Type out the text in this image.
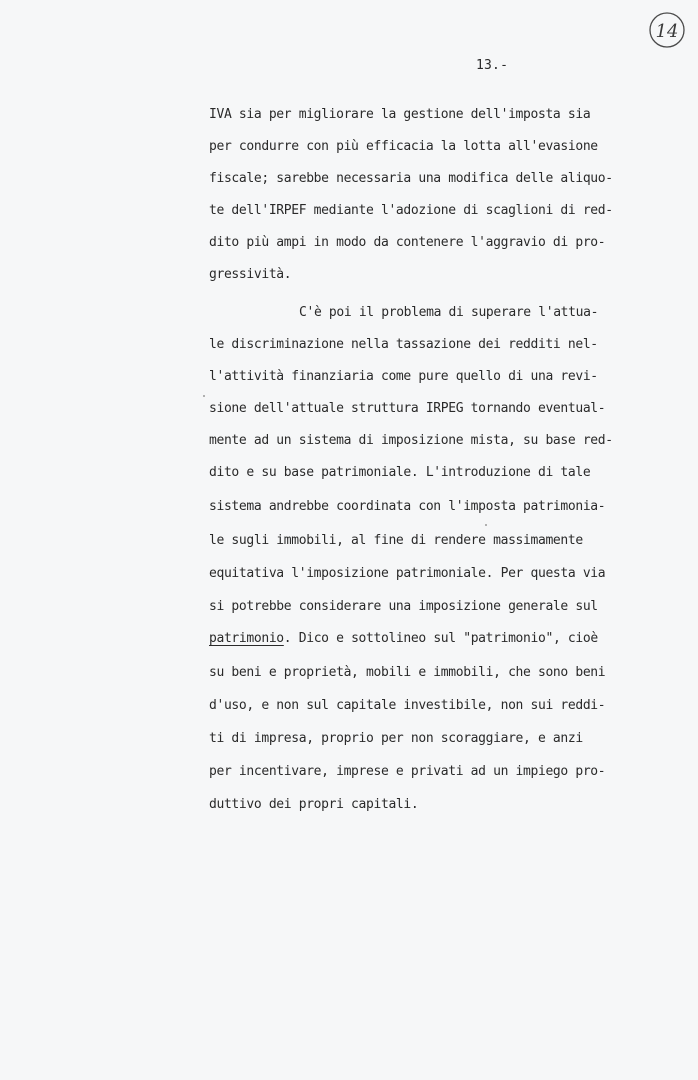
14
13.-
IVA sia per migliorare la gestione dell'imposta sia
per condurre con più efficacia la lotta all'evasione
fiscale; sarebbe necessaria una modifica delle aliquo-
te dell'IRPEF mediante l'adozione di scaglioni di red-
dito più ampi in modo da contenere l'aggravio di pro-
gressività.
C'è poi il problema di superare l'attua-
le discriminazione nella tassazione dei redditi nel-
l'attività finanziaria come pure quello di una revi-
sione dell'attuale struttura IRPEG tornando eventual-
mente ad un sistema di imposizione mista, su base red-
dito e su base patrimoniale. L'introduzione di tale
sistema andrebbe coordinata con l'imposta patrimonia-
le sugli immobili, al fine di rendere massimamente
equitativa l'imposizione patrimoniale. Per questa via
si potrebbe considerare una imposizione generale sul
patrimonio. Dico e sottolineo sul "patrimonio", cioè
su beni e proprietà, mobili e immobili, che sono beni
d'uso, e non sul capitale investibile, non sui reddi-
ti di impresa, proprio per non scoraggiare, e anzi
per incentivare, imprese e privati ad un impiego pro-
duttivo dei propri capitali.
